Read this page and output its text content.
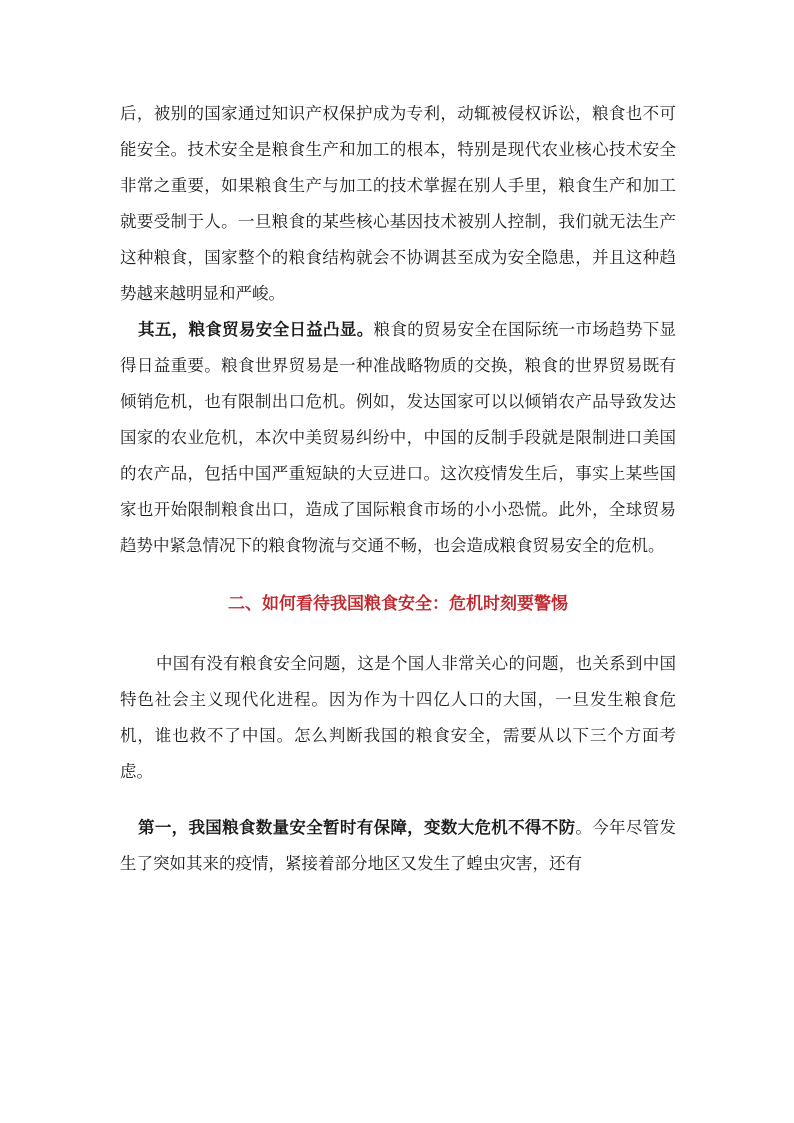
后，被别的国家通过知识产权保护成为专利，动辄被侵权诉讼，粮食也不可能安全。技术安全是粮食生产和加工的根本，特别是现代农业核心技术安全非常之重要，如果粮食生产与加工的技术掌握在别人手里，粮食生产和加工就要受制于人。一旦粮食的某些核心基因技术被别人控制，我们就无法生产这种粮食，国家整个的粮食结构就会不协调甚至成为安全隐患，并且这种趋势越来越明显和严峻。

其五，粮食贸易安全日益凸显。粮食的贸易安全在国际统一市场趋势下显得日益重要。粮食世界贸易是一种准战略物质的交换，粮食的世界贸易既有倾销危机，也有限制出口危机。例如，发达国家可以以倾销农产品导致发达国家的农业危机，本次中美贸易纠纷中，中国的反制手段就是限制进口美国的农产品，包括中国严重短缺的大豆进口。这次疫情发生后，事实上某些国家也开始限制粮食出口，造成了国际粮食市场的小小恐慌。此外，全球贸易趋势中紧急情况下的粮食物流与交通不畅，也会造成粮食贸易安全的危机。

二、如何看待我国粮食安全：危机时刻要警惕

中国有没有粮食安全问题，这是个国人非常关心的问题，也关系到中国特色社会主义现代化进程。因为作为十四亿人口的大国，一旦发生粮食危机，谁也救不了中国。怎么判断我国的粮食安全，需要从以下三个方面考虑。

第一，我国粮食数量安全暂时有保障，变数大危机不得不防。今年尽管发生了突如其来的疫情，紧接着部分地区又发生了蝗虫灾害，还有
